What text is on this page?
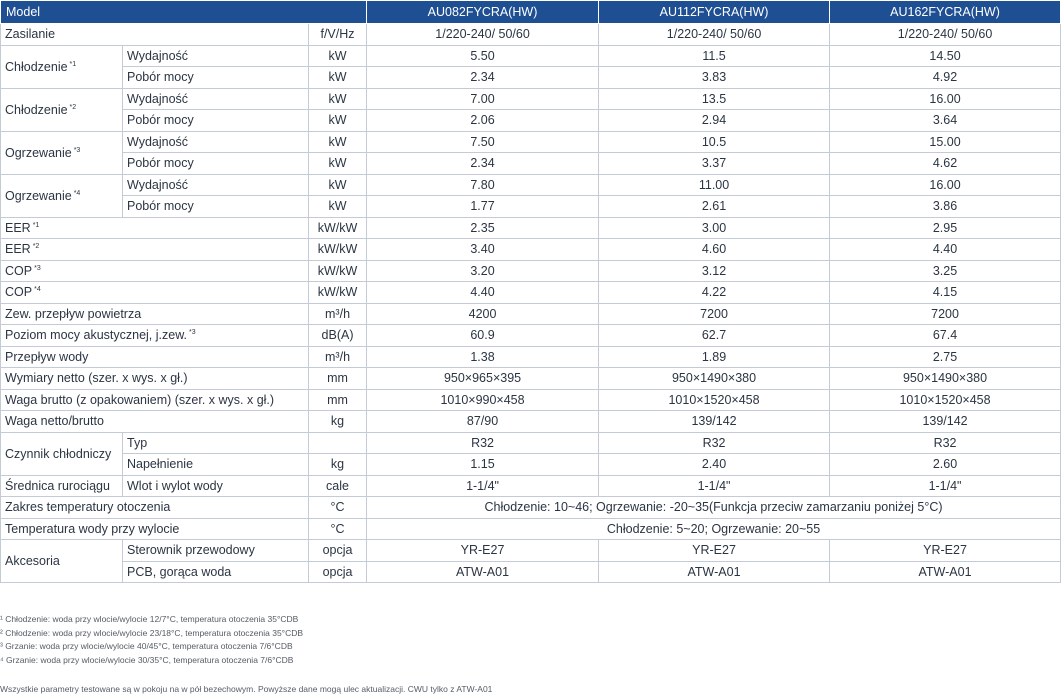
Model			AU082FYCRA(HW)	AU112FYCRA(HW)	AU162FYCRA(HW)
Zasilanie		f/V/Hz	1/220-240/ 50/60	1/220-240/ 50/60	1/220-240/ 50/60
Chłodzenie $^{*1}$	Wydajność	kW	5.50	11.5	14.50
	Pobór mocy	kW	2.34	3.83	4.92
Chłodzenie $^{*2}$	Wydajność	kW	7.00	13.5	16.00
	Pobór mocy	kW	2.06	2.94	3.64
Ogrzewanie $^{*3}$	Wydajność	kW	7.50	10.5	15.00
	Pobór mocy	kW	2.34	3.37	4.62
Ogrzewanie $^{*4}$	Wydajność	kW	7.80	11.00	16.00
	Pobór mocy	kW	1.77	2.61	3.86
EER $^{*1}$		kW/kW	2.35	3.00	2.95
EER $^{*2}$		kW/kW	3.40	4.60	4.40
COP $^{*3}$		kW/kW	3.20	3.12	3.25
COP $^{*4}$		kW/kW	4.40	4.22	4.15
Zew. przepływ powietrza		m³/h	4200	7200	7200
Poziom mocy akustycznej, j.zew. $^{*3}$		dB(A)	60.9	62.7	67.4
Przepływ wody		m³/h	1.38	1.89	2.75
Wymiary netto (szer. x wys. x gł.)		mm	950×965×395	950×1490×380	950×1490×380
Waga brutto (z opakowaniem) (szer. x wys. x gł.)		mm	1010×990×458	1010×1520×458	1010×1520×458
Waga netto/brutto		kg	87/90	139/142	139/142
Czynnik chłodniczy	Typ		R32	R32	R32
	Napełnienie	kg	1.15	2.40	2.60
Średnica rurociągu	Wlot i wylot wody	cale	1-1/4"	1-1/4"	1-1/4"
Zakres temperatury otoczenia		°C	Chłodzenie: 10~46; Ogrzewanie: -20~35(Funkcja przeciw zamarzaniu poniżej 5°C)		
Temperatura wody przy wylocie		°C	Chłodzenie: 5~20; Ogrzewanie: 20~55		
Akcesoria	Sterownik przewodowy	opcja	YR-E27	YR-E27	YR-E27
	PCB, gorąca woda	opcja	ATW-A01	ATW-A01	ATW-A01
¹ Chłodzenie: woda przy wlocie/wylocie 12/7°C, temperatura otoczenia 35°CDB
² Chłodzenie: woda przy wlocie/wylocie 23/18°C, temperatura otoczenia 35°CDB
³ Grzanie: woda przy wlocie/wylocie 40/45°C, temperatura otoczenia 7/6°CDB
⁴ Grzanie: woda przy wlocie/wylocie 30/35°C, temperatura otoczenia 7/6°CDB
Wszystkie parametry testowane są w pokoju na w pół bezechowym. Powyższe dane mogą ulec aktualizacji. CWU tylko z ATW-A01
